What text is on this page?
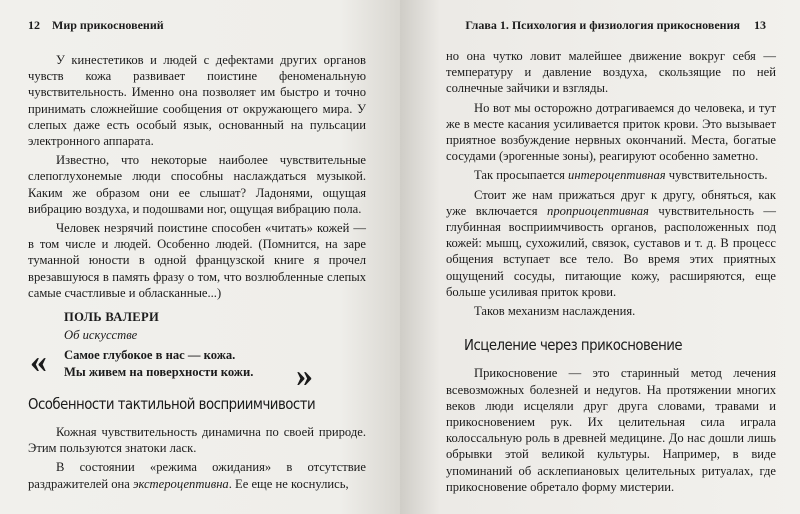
12 Мир прикосновений

У кинестетиков и людей с дефектами других органов чувств кожа развивает поистине феноменальную чувствительность. Именно она позволяет им быстро и точно принимать сложнейшие сообщения от окружающего мира. У слепых даже есть особый язык, основанный на пульсации электронного аппарата.

Известно, что некоторые наиболее чувствительные слепоглухонемые люди способны наслаждаться музыкой. Каким же образом они ее слышат? Ладонями, ощущая вибрацию воздуха, и подошвами ног, ощущая вибрацию пола.

Человек незрячий поистине способен «читать» кожей — в том числе и людей. Особенно людей. (Помнится, на заре туманной юности в одной французской книге я прочел врезавшуюся в память фразу о том, что возлюбленные слепых самые счастливые и обласканные...)

ПОЛЬ ВАЛЕРИ
Об искусстве
« Самое глубокое в нас — кожа.
Мы живем на поверхности кожи.	»
Особенности тактильной восприимчивости

Кожная чувствительность динамична по своей природе. Этим пользуются знатоки ласк.

В состоянии «режима ожидания» в отсутствие раздражителей она экстероцептивна. Ее еще не коснулись,

Глава 1. Психология и физиология прикосновения 13

но она чутко ловит малейшее движение вокруг себя — температуру и давление воздуха, скользящие по ней солнечные зайчики и взгляды.

Но вот мы осторожно дотрагиваемся до человека, и тут же в месте касания усиливается приток крови. Это вызывает приятное возбуждение нервных окончаний. Места, богатые сосудами (эрогенные зоны), реагируют особенно заметно.

Так просыпается интероцептивная чувствительность.

Стоит же нам прижаться друг к другу, обняться, как уже включается проприоцептивная чувствительность — глубинная восприимчивость органов, расположенных под кожей: мышц, сухожилий, связок, суставов и т. д. В процесс общения вступает все тело. Во время этих приятных ощущений сосуды, питающие кожу, расширяются, еще больше усиливая приток крови.

Таков механизм наслаждения.

Исцеление через прикосновение

Прикосновение — это старинный метод лечения всевозможных болезней и недугов. На протяжении многих веков люди исцеляли друг друга словами, травами и прикосновением рук. Их целительная сила играла колоссальную роль в древней медицине. До нас дошли лишь обрывки этой великой культуры. Например, в виде упоминаний об асклепиановых целительных ритуалах, где прикосновение обретало форму мистерии.
